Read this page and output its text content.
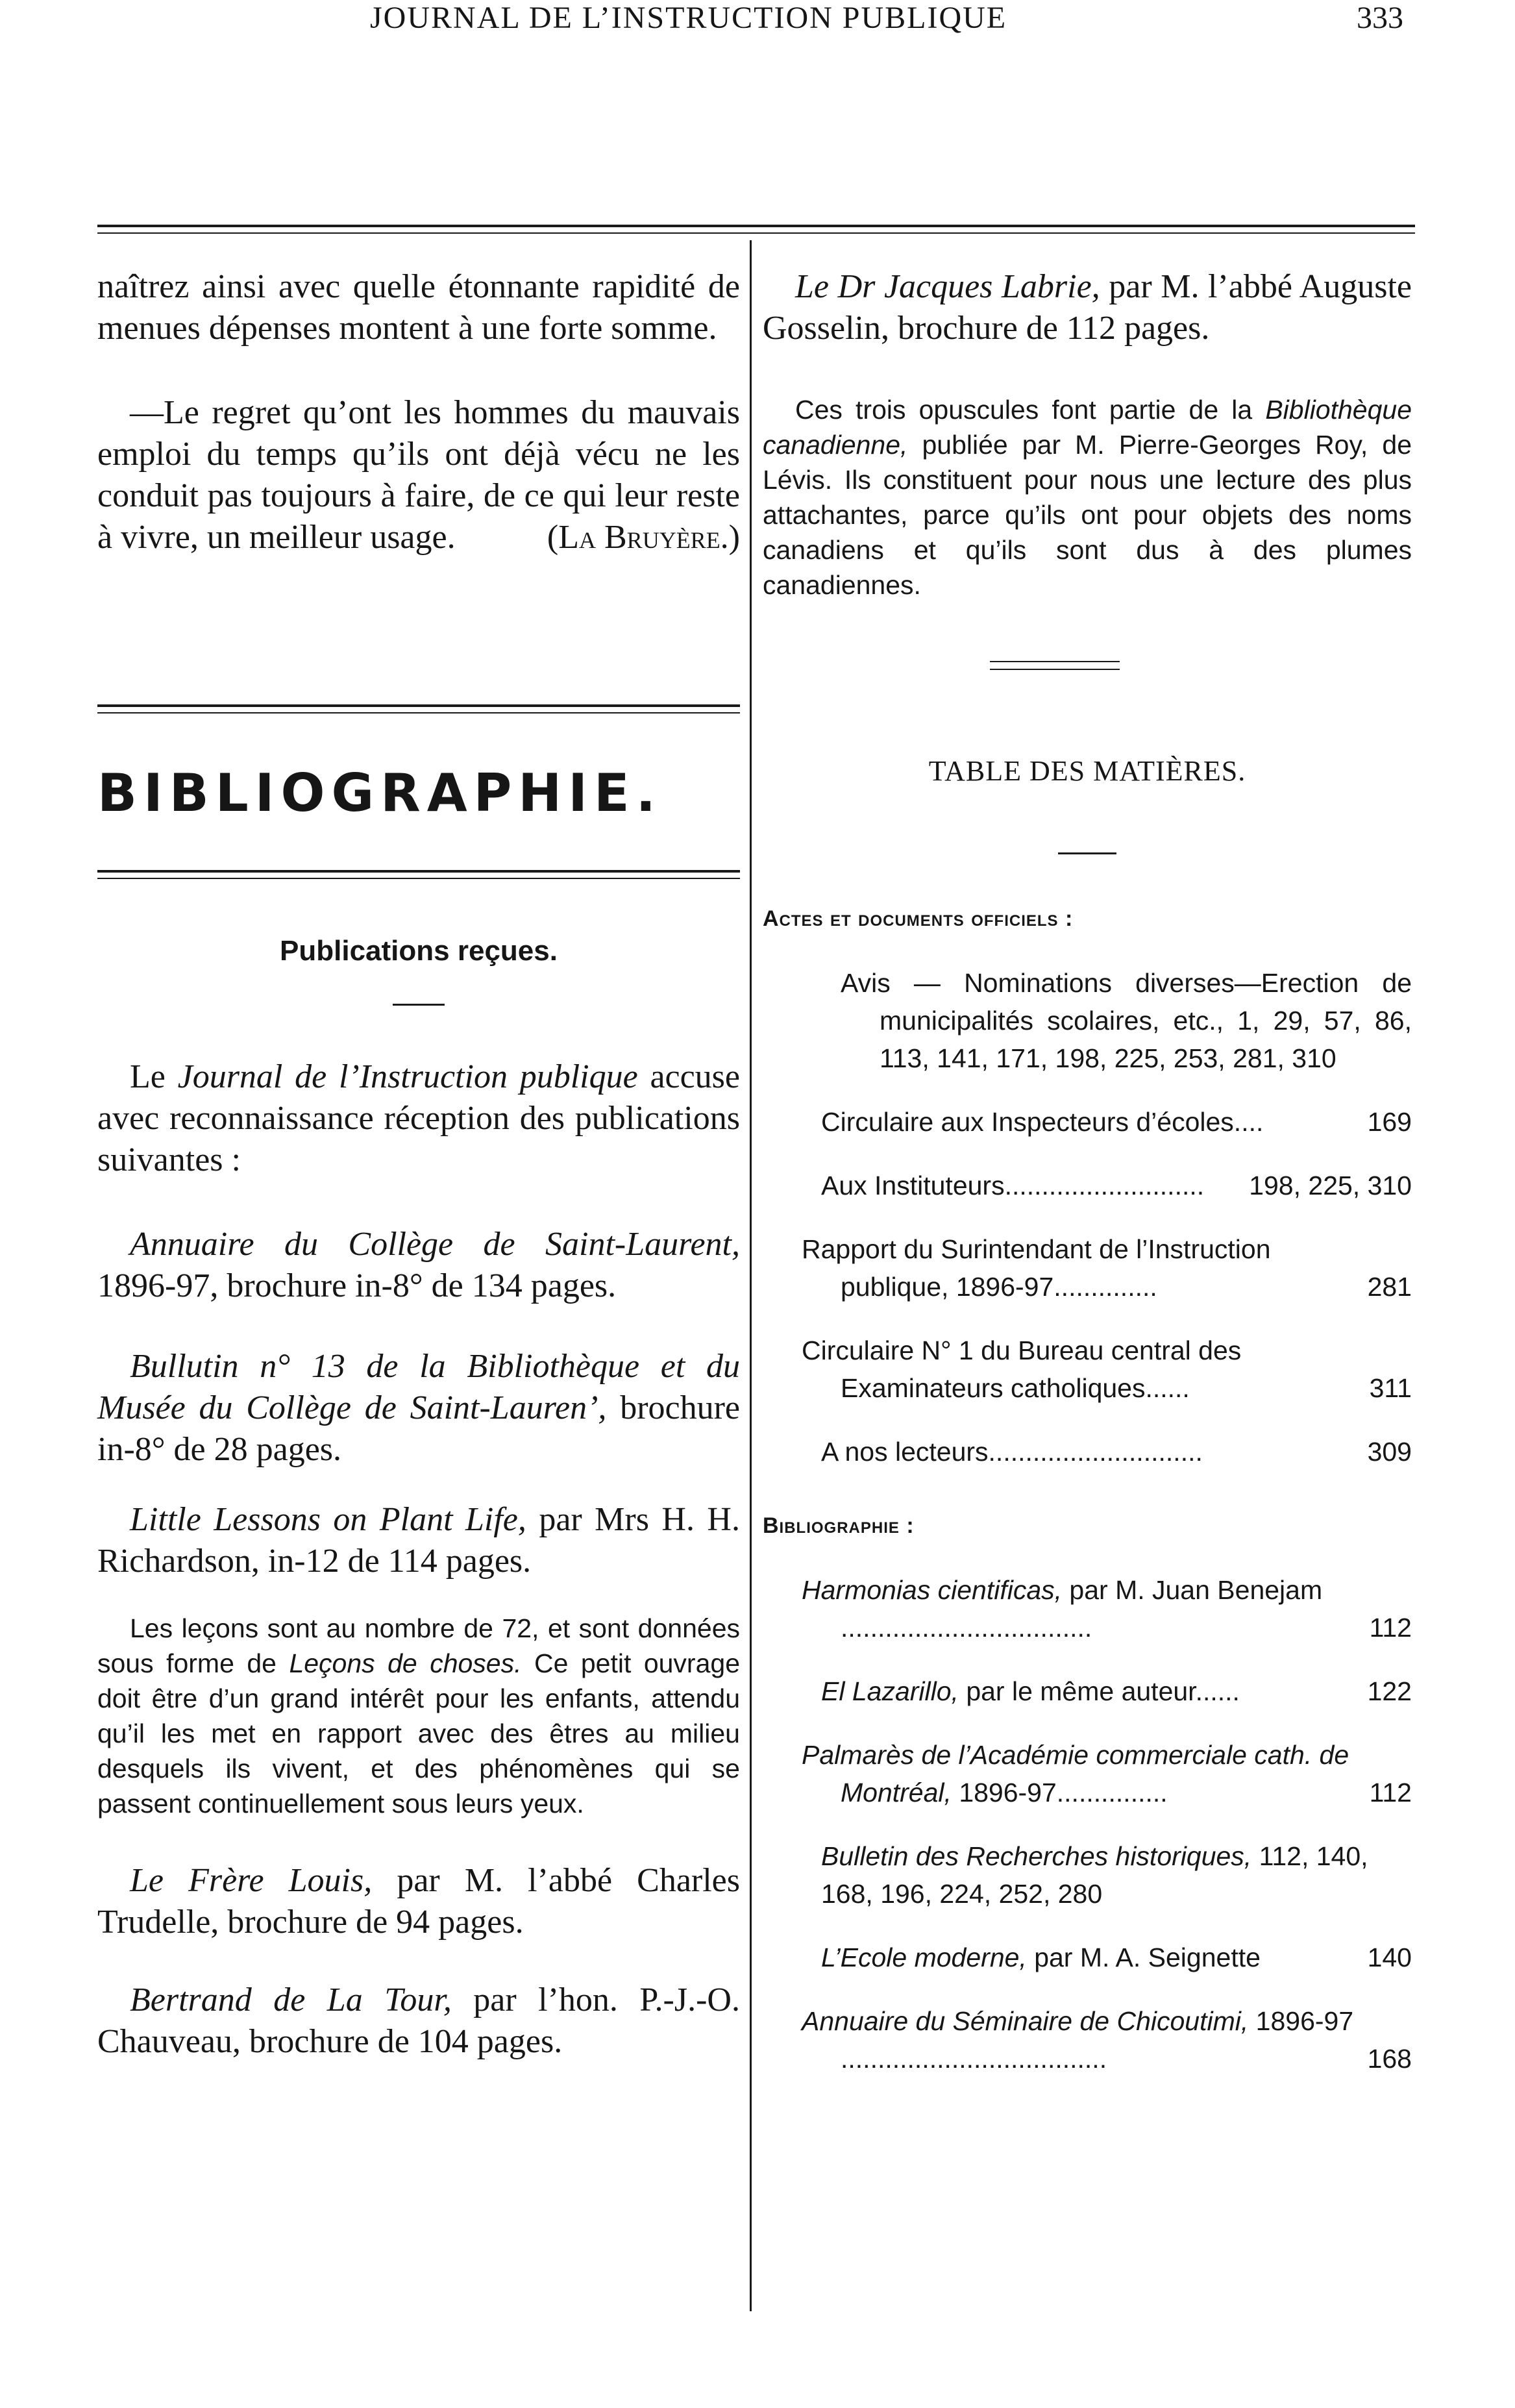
JOURNAL DE L’INSTRUCTION PUBLIQUE	333

naîtrez ainsi avec quelle étonnante rapidité de menues dépenses montent à une forte somme.

—Le regret qu’ont les hommes du mauvais emploi du temps qu’ils ont déjà vécu ne les conduit pas toujours à faire, de ce qui leur reste à vivre, un meilleur usage.	(La Bruyère.)

BIBLIOGRAPHIE.

Publications reçues.

Le Journal de l’Instruction publique accuse avec reconnaissance réception des publications suivantes :

Annuaire du Collège de Saint-Laurent, 1896-97, brochure in-8° de 134 pages.

Bullutin n° 13 de la Bibliothèque et du Musée du Collège de Saint-Lauren’, brochure in-8° de 28 pages.

Little Lessons on Plant Life, par Mrs H. H. Richardson, in-12 de 114 pages.

Les leçons sont au nombre de 72, et sont données sous forme de Leçons de choses. Ce petit ouvrage doit être d’un grand intérêt pour les enfants, attendu qu’il les met en rapport avec des êtres au milieu desquels ils vivent, et des phénomènes qui se passent continuellement sous leurs yeux.

Le Frère Louis, par M. l’abbé Charles Trudelle, brochure de 94 pages.

Bertrand de La Tour, par l’hon. P.-J.-O. Chauveau, brochure de 104 pages.

Le Dr Jacques Labrie, par M. l’abbé Auguste Gosselin, brochure de 112 pages.

Ces trois opuscules font partie de la Bibliothèque canadienne, publiée par M. Pierre-Georges Roy, de Lévis. Ils constituent pour nous une lecture des plus attachantes, parce qu’ils ont pour objets des noms canadiens et qu’ils sont dus à des plumes canadiennes.

TABLE DES MATIÈRES.

Actes et documents officiels :

Avis — Nominations diverses—Erection de municipalités scolaires, etc., 1, 29, 57, 86, 113, 141, 171, 198, 225, 253, 281, 310

Circulaire aux Inspecteurs d’écoles....	169
Aux Instituteurs...........................	198, 225, 310
Rapport du Surintendant de l’Instruction publique, 1896-97..............	281
Circulaire N° 1 du Bureau central des Examinateurs catholiques......	311
A nos lecteurs.............................	309

Bibliographie :

Harmonias cientificas, par M. Juan Benejam ..................................	112
El Lazarillo, par le même auteur......	122
Palmarès de l’Académie commerciale cath. de Montréal, 1896-97...............	112

Bulletin des Recherches historiques, 112, 140, 168, 196, 224, 252, 280

L’Ecole moderne, par M. A. Seignette	140
Annuaire du Séminaire de Chicoutimi, 1896-97 ....................................	168
